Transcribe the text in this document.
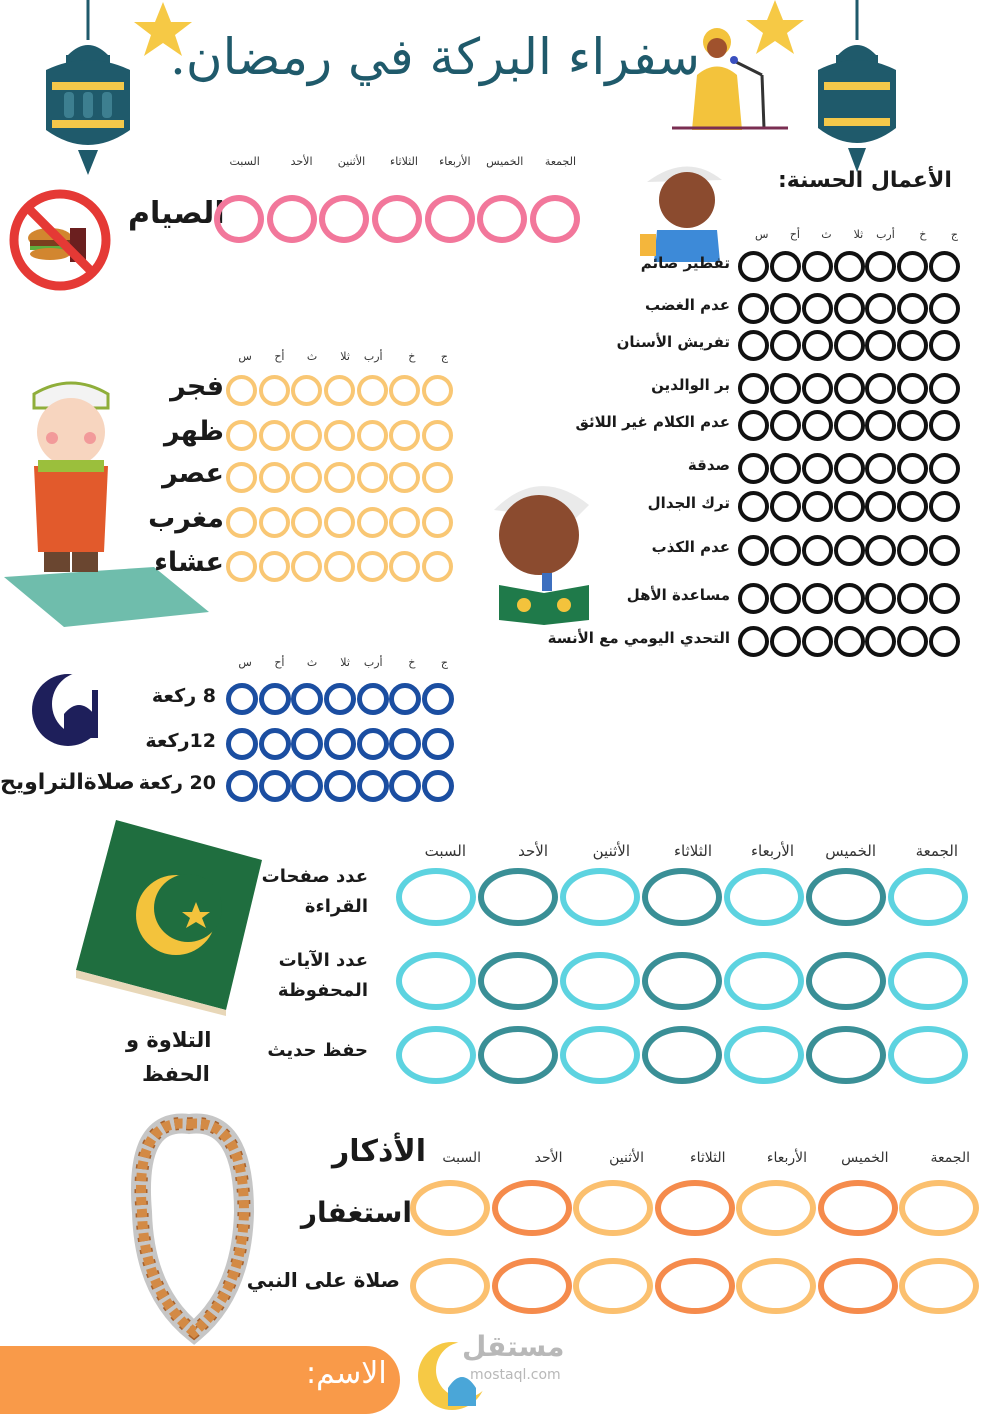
سفراء البركة في رمضان.
الصيام
الأعمال الحسنة:
صلاةالتراويح
التلاوة و
الحفظ
الأذكار
الاسم:
مستقل
mostaql.com
الجمعة
الخميس
الأربعاء
الثلاثاء
الأثنين
الأحد
السبت
ج
خ
أرب
ثلا
ث
أح
س
تفطير صائم
عدم الغضب
تفريش الأسنان
بر الوالدين
عدم الكلام غير اللائق
صدقة
ترك الجدال
عدم الكذب
مساعدة الأهل
التحدي اليومي مع الأنسة
ج
خ
أرب
ثلا
ث
أح
س
فجر
ظهر
عصر
مغرب
عشاء
ج
خ
أرب
ثلا
ث
أح
س
8 ركعة
12ركعة
20 ركعة
الجمعة
الخميس
الأربعاء
الثلاثاء
الأثنين
الأحد
السبت
عدد صفحات
القراءة
عدد الآيات
المحفوظة
حفظ حديث
الجمعة
الخميس
الأربعاء
الثلاثاء
الأثنين
الأحد
السبت
استغفار
صلاة على النبي
